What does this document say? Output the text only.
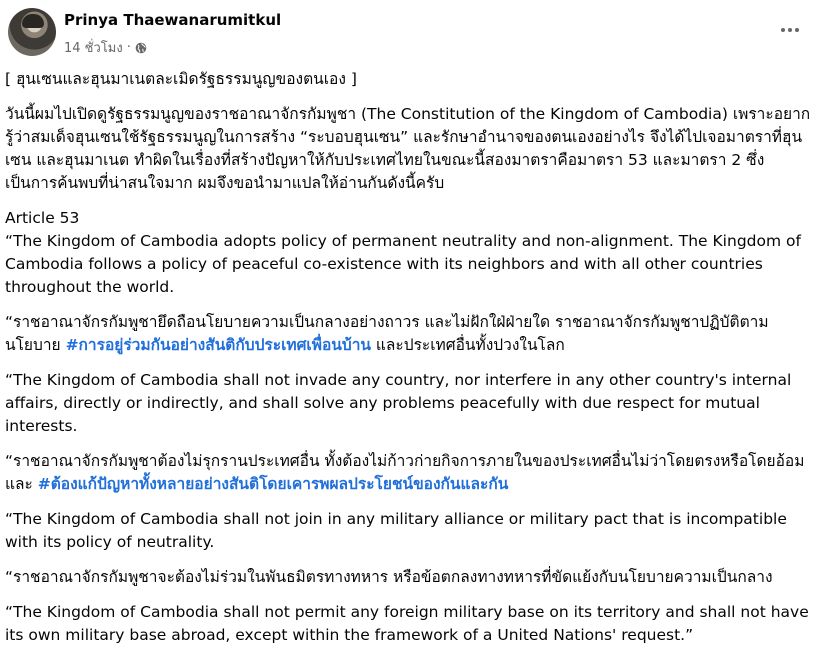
Prinya Thaewanarumitkul
14 ชั่วโมง ·

[ ฮุนเซนและฮุนมาเนตละเมิดรัฐธรรมนูญของตนเอง ]

วันนี้ผมไปเปิดดูรัฐธรรมนูญของราชอาณาจักรกัมพูชา (The Constitution of the Kingdom of Cambodia) เพราะอยากรู้ว่าสมเด็จฮุนเซนใช้รัฐธรรมนูญในการสร้าง “ระบอบฮุนเซน” และรักษาอำนาจของตนเองอย่างไร จึงได้ไปเจอมาตราที่ฮุนเซน และฮุนมาเนต ทำผิดในเรื่องที่สร้างปัญหาให้กับประเทศไทยในขณะนี้สองมาตราคือมาตรา 53 และมาตรา 2 ซึ่งเป็นการค้นพบที่น่าสนใจมาก ผมจึงขอนำมาแปลให้อ่านกันดังนี้ครับ

Article 53

“The Kingdom of Cambodia adopts policy of permanent neutrality and non-alignment. The Kingdom of Cambodia follows a policy of peaceful co-existence with its neighbors and with all other countries throughout the world.

“ราชอาณาจักรกัมพูชายึดถือนโยบายความเป็นกลางอย่างถาวร และไม่ฝักใฝ่ฝ่ายใด ราชอาณาจักรกัมพูชาปฏิบัติตามนโยบาย #การอยู่ร่วมกันอย่างสันติกับประเทศเพื่อนบ้าน และประเทศอื่นทั้งปวงในโลก

“The Kingdom of Cambodia shall not invade any country, nor interfere in any other country's internal affairs, directly or indirectly, and shall solve any problems peacefully with due respect for mutual interests.

“ราชอาณาจักรกัมพูชาต้องไม่รุกรานประเทศอื่น ทั้งต้องไม่ก้าวก่ายกิจการภายในของประเทศอื่นไม่ว่าโดยตรงหรือโดยอ้อม และ #ต้องแก้ปัญหาทั้งหลายอย่างสันติโดยเคารพผลประโยชน์ของกันและกัน

“The Kingdom of Cambodia shall not join in any military alliance or military pact that is incompatible with its policy of neutrality.

“ราชอาณาจักรกัมพูชาจะต้องไม่ร่วมในพันธมิตรทางทหาร หรือข้อตกลงทางทหารที่ขัดแย้งกับนโยบายความเป็นกลาง

“The Kingdom of Cambodia shall not permit any foreign military base on its territory and shall not have its own military base abroad, except within the framework of a United Nations' request.”
